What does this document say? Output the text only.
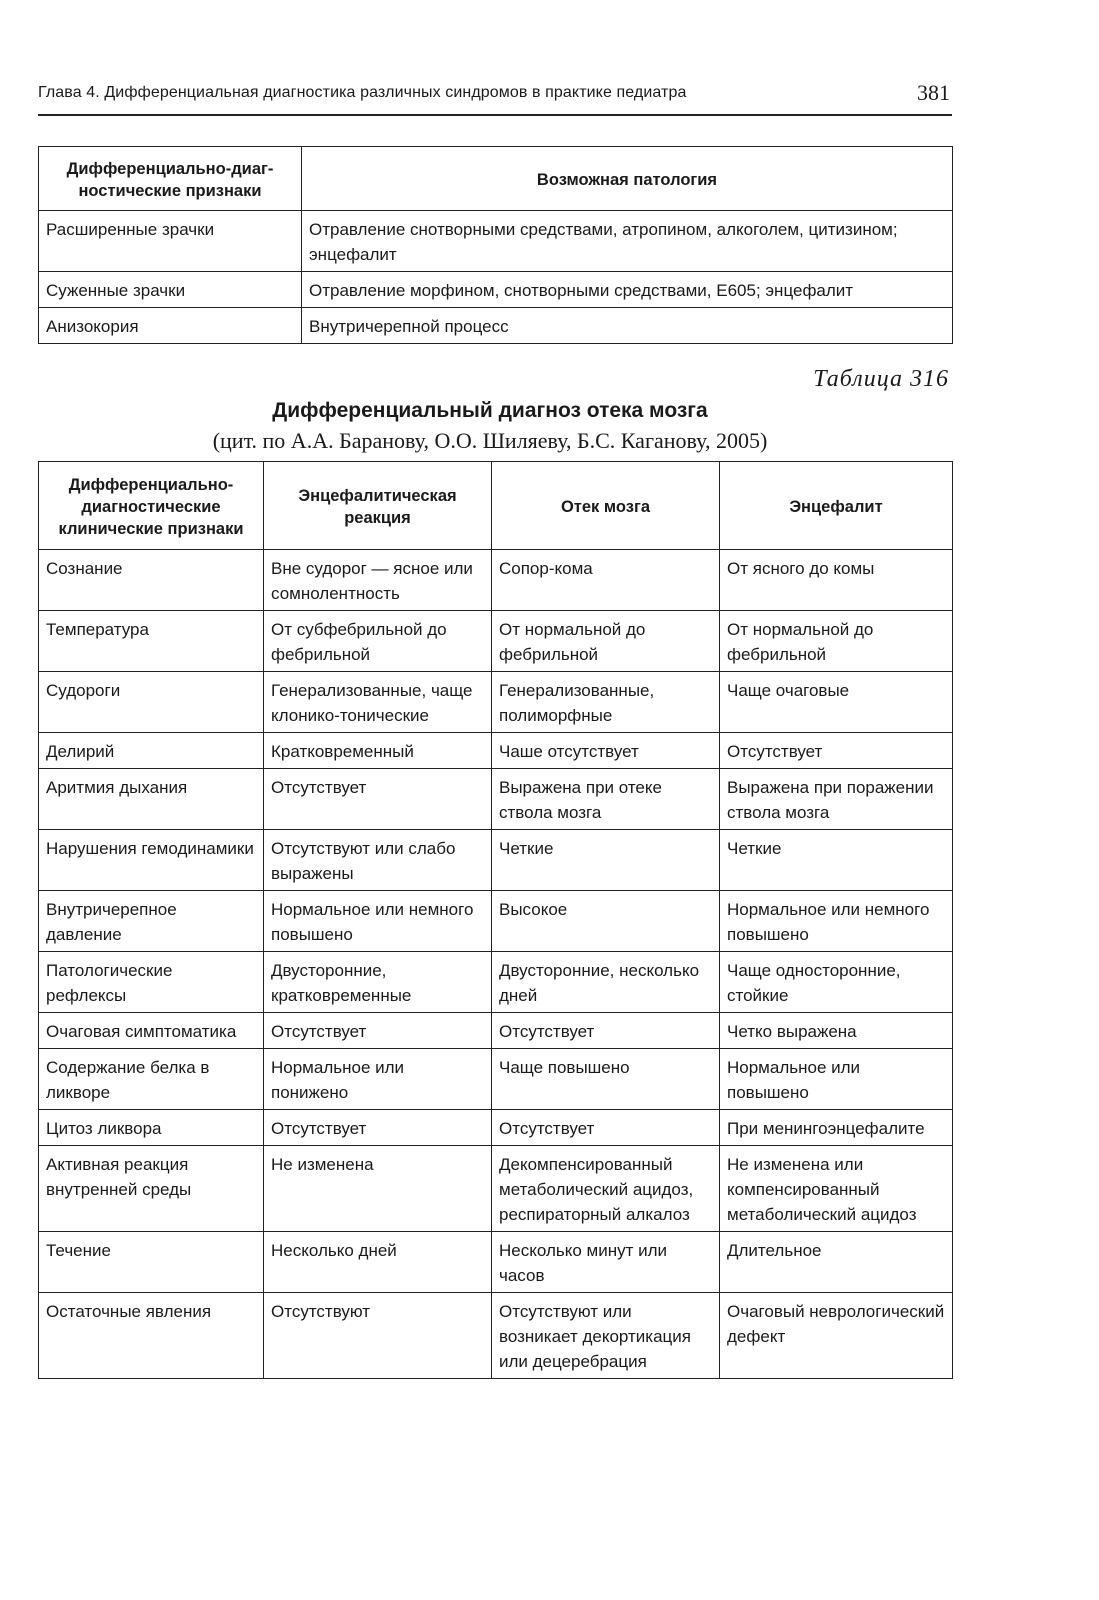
Глава 4. Дифференциальная диагностика различных синдромов в практике педиатра	381
Дифференциально-диаг-ностические признаки	Возможная патология
Расширенные зрачки	Отравление снотворными средствами, атропином, алкоголем, цитизином; энцефалит
Суженные зрачки	Отравление морфином, снотворными средствами, Е605; энцефалит
Анизокория	Внутричерепной процесс
Таблица 316
Дифференциальный диагноз отека мозга
(цит. по А.А. Баранову, О.О. Шиляеву, Б.С. Каганову, 2005)
Дифференциально-диагностические клинические признаки	Энцефалитическая реакция	Отек мозга	Энцефалит
Сознание	Вне судорог — ясное или сомнолентность	Сопор-кома	От ясного до комы
Температура	От субфебрильной до фебрильной	От нормальной до фебрильной	От нормальной до фебрильной
Судороги	Генерализованные, чаще клонико-тонические	Генерализованные, полиморфные	Чаще очаговые
Делирий	Кратковременный	Чаше отсутствует	Отсутствует
Аритмия дыхания	Отсутствует	Выражена при отеке ствола мозга	Выражена при поражении ствола мозга
Нарушения гемодинамики	Отсутствуют или слабо выражены	Четкие	Четкие
Внутричерепное давление	Нормальное или немного повышено	Высокое	Нормальное или немного повышено
Патологические рефлексы	Двусторонние, кратковременные	Двусторонние, несколько дней	Чаще односторонние, стойкие
Очаговая симптоматика	Отсутствует	Отсутствует	Четко выражена
Содержание белка в ликворе	Нормальное или понижено	Чаще повышено	Нормальное или повышено
Цитоз ликвора	Отсутствует	Отсутствует	При менингоэнцефалите
Активная реакция внутренней среды	Не изменена	Декомпенсированный метаболический ацидоз, респираторный алкалоз	Не изменена или компенсированный метаболический ацидоз
Течение	Несколько дней	Несколько минут или часов	Длительное
Остаточные явления	Отсутствуют	Отсутствуют или возникает декортикация или децеребрация	Очаговый неврологический дефект
